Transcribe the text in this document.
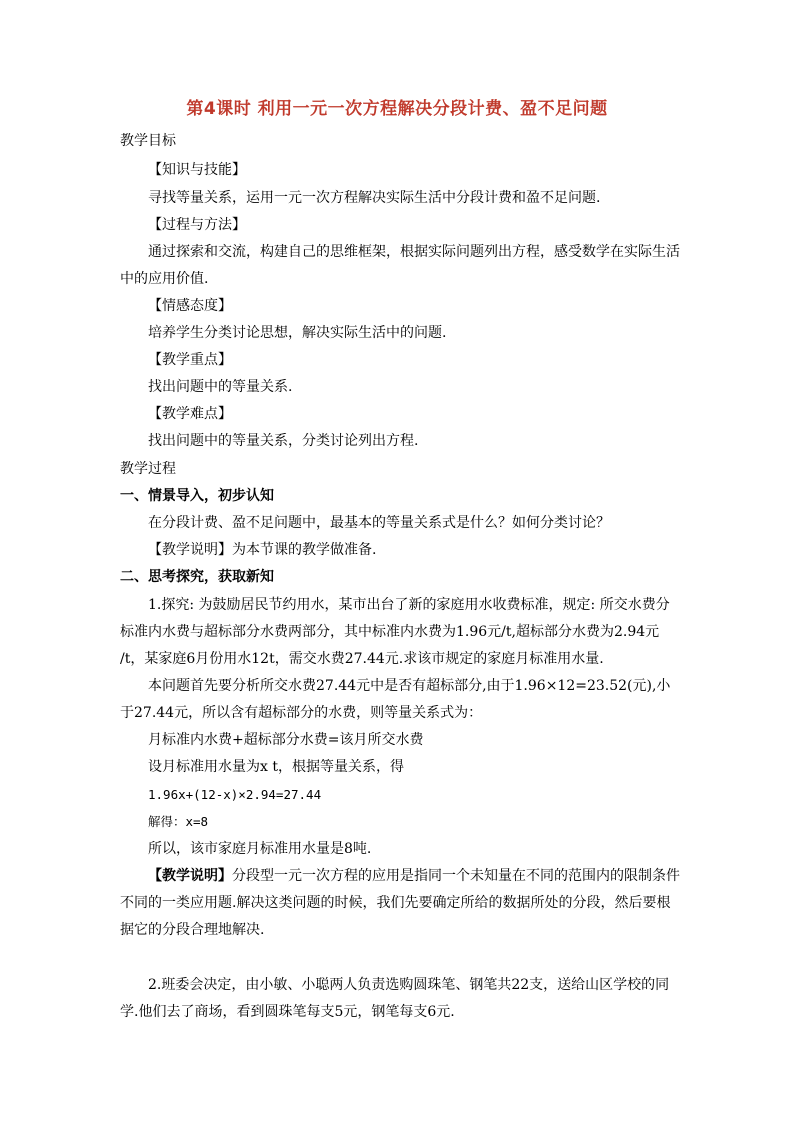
第4课时 利用一元一次方程解决分段计费、盈不足问题
教学目标
【知识与技能】
寻找等量关系，运用一元一次方程解决实际生活中分段计费和盈不足问题.
【过程与方法】
通过探索和交流，构建自己的思维框架，根据实际问题列出方程，感受数学在实际生活
中的应用价值.
【情感态度】
培养学生分类讨论思想，解决实际生活中的问题.
【教学重点】
找出问题中的等量关系.
【教学难点】
找出问题中的等量关系，分类讨论列出方程.
教学过程
一、情景导入，初步认知
在分段计费、盈不足问题中，最基本的等量关系式是什么？如何分类讨论？
【教学说明】为本节课的教学做准备.
二、思考探究，获取新知
1.探究: 为鼓励居民节约用水，某市出台了新的家庭用水收费标准，规定: 所交水费分
标准内水费与超标部分水费两部分，其中标准内水费为1.96元/t,超标部分水费为2.94元
/t，某家庭6月份用水12t，需交水费27.44元.求该市规定的家庭月标准用水量.
本问题首先要分析所交水费27.44元中是否有超标部分,由于1.96×12=23.52(元),小
于27.44元，所以含有超标部分的水费，则等量关系式为：
月标准内水费+超标部分水费=该月所交水费
设月标准用水量为x t，根据等量关系，得
1.96x+(12-x)×2.94=27.44
解得：x=8
所以，该市家庭月标准用水量是8吨.
【教学说明】分段型一元一次方程的应用是指同一个未知量在不同的范围内的限制条件
不同的一类应用题.解决这类问题的时候，我们先要确定所给的数据所处的分段，然后要根
据它的分段合理地解决.
2.班委会决定，由小敏、小聪两人负责选购圆珠笔、钢笔共22支，送给山区学校的同
学.他们去了商场，看到圆珠笔每支5元，钢笔每支6元.
